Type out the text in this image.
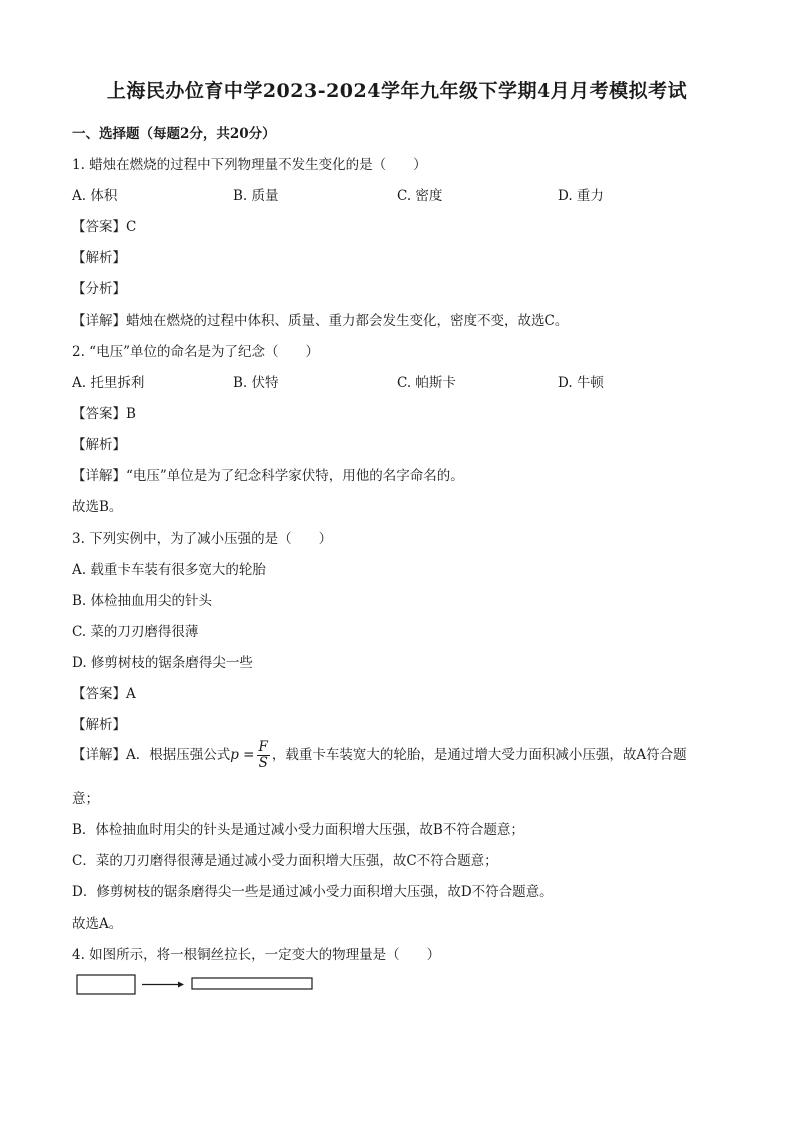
上海民办位育中学2023-2024学年九年级下学期4月月考模拟考试
一、选择题（每题2分，共20分）
1. 蜡烛在燃烧的过程中下列物理量不发生变化的是（　　）
A. 体积	B. 质量	C. 密度	D. 重力
【答案】C
【解析】
【分析】
【详解】蜡烛在燃烧的过程中体积、质量、重力都会发生变化，密度不变，故选C。
2. “电压”单位的命名是为了纪念（　　）
A. 托里拆利	B. 伏特	C. 帕斯卡	D. 牛顿
【答案】B
【解析】
【详解】“电压”单位是为了纪念科学家伏特，用他的名字命名的。
故选B。
3. 下列实例中，为了减小压强的是（　　）
A. 载重卡车装有很多宽大的轮胎
B. 体检抽血用尖的针头
C. 菜的刀刃磨得很薄
D. 修剪树枝的锯条磨得尖一些
【答案】A
【解析】
【详解】A．根据压强公式$p = \frac{F}{S}$ ，载重卡车装宽大的轮胎，是通过增大受力面积减小压强，故A符合题
意；
B．体检抽血时用尖的针头是通过减小受力面积增大压强，故B不符合题意；
C．菜的刀刃磨得很薄是通过减小受力面积增大压强，故C不符合题意；
D．修剪树枝的锯条磨得尖一些是通过减小受力面积增大压强，故D不符合题意。
故选A。
4. 如图所示，将一根铜丝拉长，一定变大的物理量是（　　）
